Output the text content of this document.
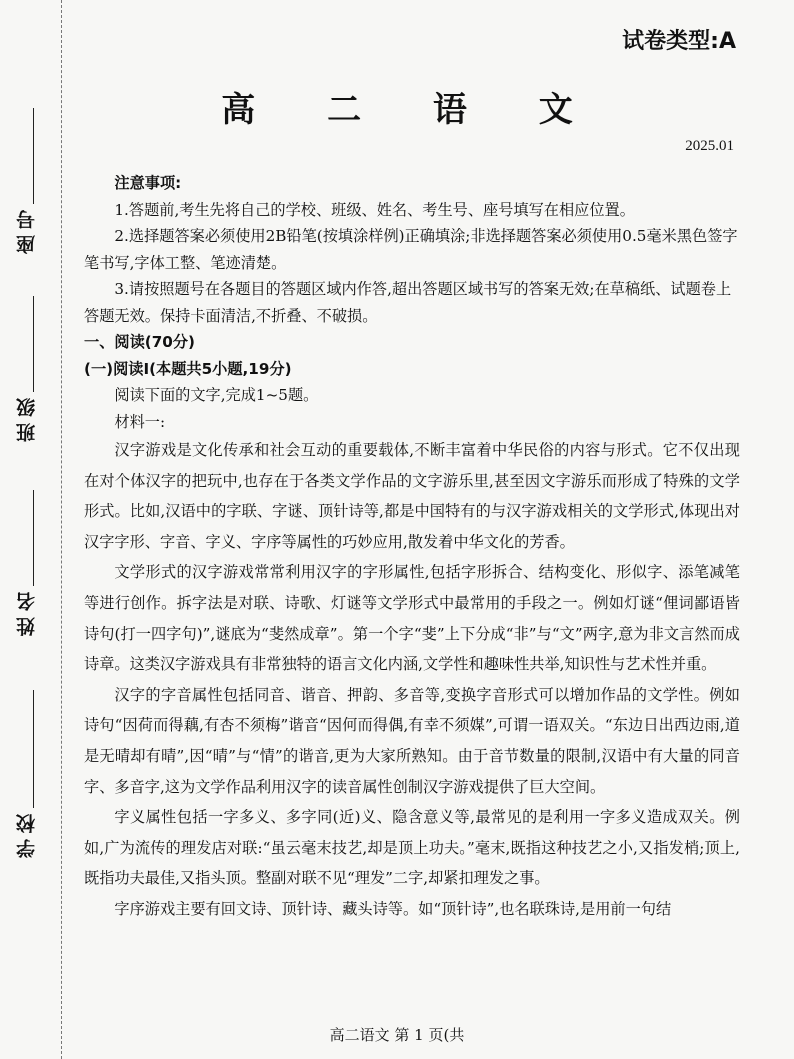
座号
班级
姓名
学校
试卷类型:A
高 二 语 文
2025.01

注意事项:

1.答题前,考生先将自己的学校、班级、姓名、考生号、座号填写在相应位置。

2.选择题答案必须使用2B铅笔(按填涂样例)正确填涂;非选择题答案必须使用0.5毫米黑色签字笔书写,字体工整、笔迹清楚。

3.请按照题号在各题目的答题区域内作答,超出答题区域书写的答案无效;在草稿纸、试题卷上答题无效。保持卡面清洁,不折叠、不破损。

一、阅读(70分)

(一)阅读Ⅰ(本题共5小题,19分)

阅读下面的文字,完成1~5题。

材料一:

汉字游戏是文化传承和社会互动的重要载体,不断丰富着中华民俗的内容与形式。它不仅出现在对个体汉字的把玩中,也存在于各类文学作品的文字游乐里,甚至因文字游乐而形成了特殊的文学形式。比如,汉语中的字联、字谜、顶针诗等,都是中国特有的与汉字游戏相关的文学形式,体现出对汉字字形、字音、字义、字序等属性的巧妙应用,散发着中华文化的芳香。

文学形式的汉字游戏常常利用汉字的字形属性,包括字形拆合、结构变化、形似字、添笔减笔等进行创作。拆字法是对联、诗歌、灯谜等文学形式中最常用的手段之一。例如灯谜“俚词鄙语皆诗句(打一四字句)”,谜底为“斐然成章”。第一个字“斐”上下分成“非”与“文”两字,意为非文言然而成诗章。这类汉字游戏具有非常独特的语言文化内涵,文学性和趣味性共举,知识性与艺术性并重。

汉字的字音属性包括同音、谐音、押韵、多音等,变换字音形式可以增加作品的文学性。例如诗句“因荷而得藕,有杏不须梅”谐音“因何而得偶,有幸不须媒”,可谓一语双关。“东边日出西边雨,道是无晴却有晴”,因“晴”与“情”的谐音,更为大家所熟知。由于音节数量的限制,汉语中有大量的同音字、多音字,这为文学作品利用汉字的读音属性创制汉字游戏提供了巨大空间。

字义属性包括一字多义、多字同(近)义、隐含意义等,最常见的是利用一字多义造成双关。例如,广为流传的理发店对联:“虽云毫末技艺,却是顶上功夫。”毫末,既指这种技艺之小,又指发梢;顶上,既指功夫最佳,又指头顶。整副对联不见“理发”二字,却紧扣理发之事。

字序游戏主要有回文诗、顶针诗、藏头诗等。如“顶针诗”,也名联珠诗,是用前一句结

高二语文 第 1 页(共
